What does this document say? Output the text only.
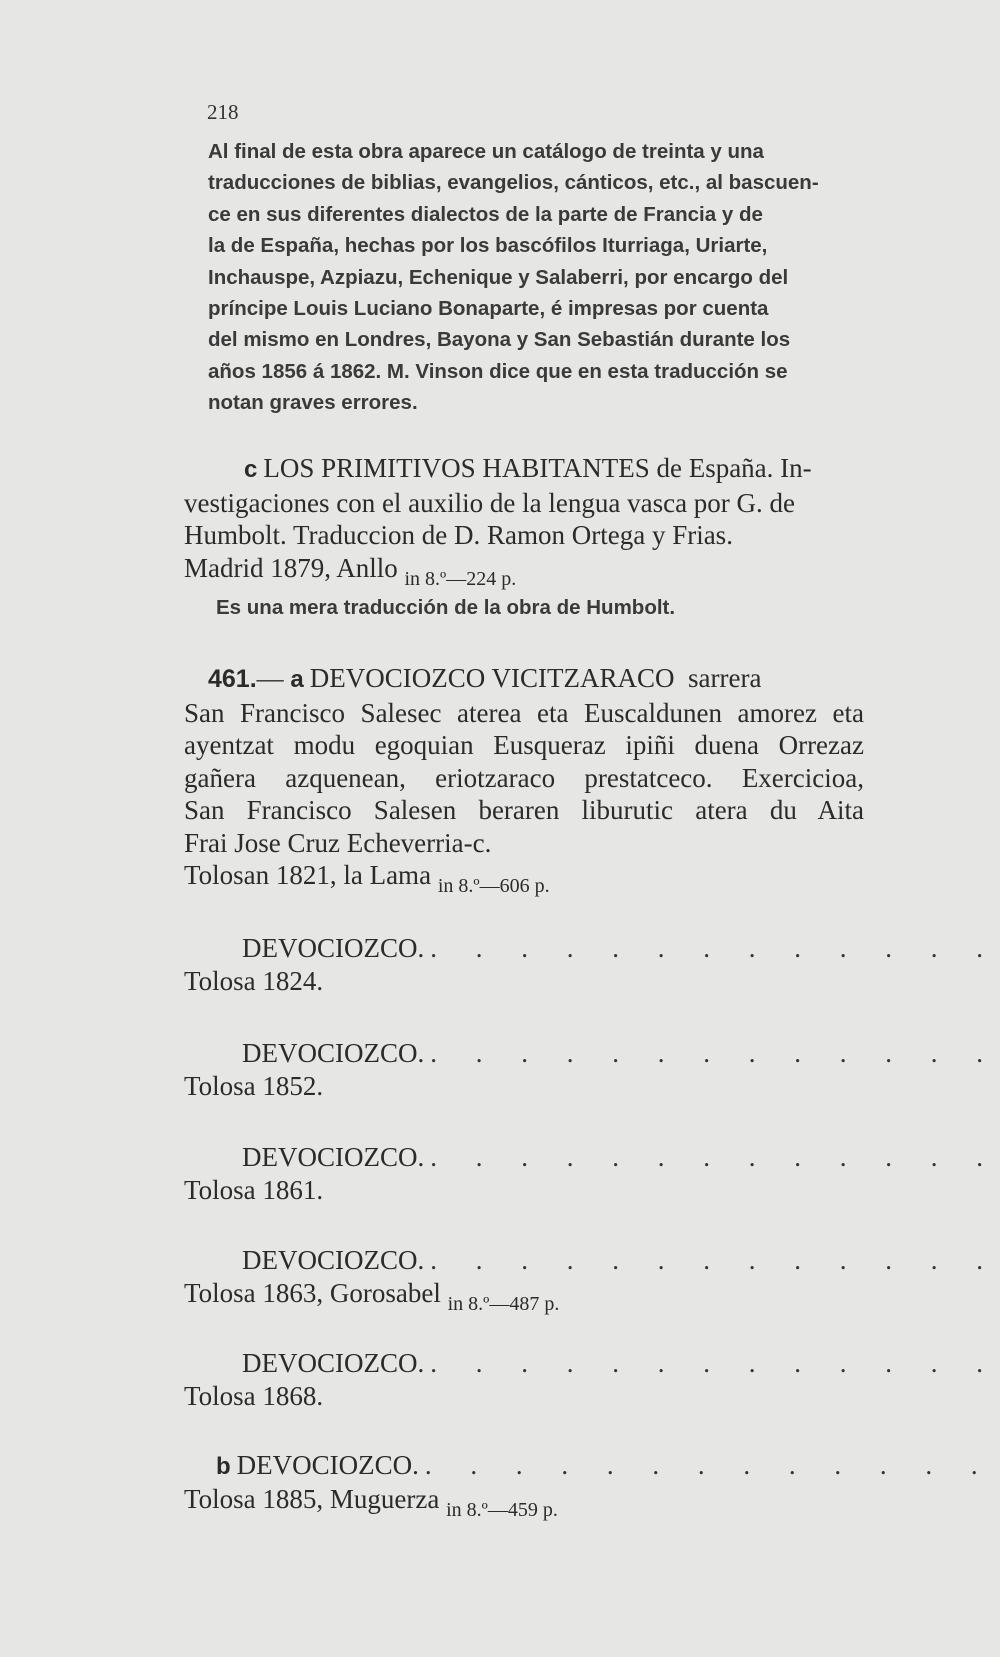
218

Al final de esta obra aparece un catálogo de treinta y una
traducciones de biblias, evangelios, cánticos, etc., al bascuen-
ce en sus diferentes dialectos de la parte de Francia y de
la de España, hechas por los bascófilos Iturriaga, Uriarte,
Inchauspe, Azpiazu, Echenique y Salaberri, por encargo del
príncipe Louis Luciano Bonaparte, é impresas por cuenta
del mismo en Londres, Bayona y San Sebastián durante los
años 1856 á 1862. M. Vinson dice que en esta traducción se
notan graves errores.

c LOS PRIMITIVOS HABITANTES de España. In-
vestigaciones con el auxilio de la lengua vasca por G. de
Humbolt. Traduccion de D. Ramon Ortega y Frias.
Madrid 1879, Anllo $_{in 8.º—224 p.}$
Es una mera traducción de la obra de Humbolt.
461.— a DEVOCIOZCO VICITZARACO sarrera
San Francisco Salesec aterea eta Euscaldunen amorez eta
ayentzat modu egoquian Eusqueraz ipiñi duena Orrezaz
gañera azquenean, eriotzaraco prestatceco. Exercicioa,
San Francisco Salesen beraren liburutic atera du Aita
Frai Jose Cruz Echeverria-c.
Tolosan 1821, la Lama $_{in 8.º—606 p.}$
DEVOCIOZCO. . . . . . . . . . . . . .
Tolosa 1824.
DEVOCIOZCO. . . . . . . . . . . . . .
Tolosa 1852.
DEVOCIOZCO. . . . . . . . . . . . . .
Tolosa 1861.
DEVOCIOZCO. . . . . . . . . . . . . .
Tolosa 1863, Gorosabel $_{in 8.º—487 p.}$
DEVOCIOZCO. . . . . . . . . . . . . .
Tolosa 1868.
b DEVOCIOZCO. . . . . . . . . . . . . .
Tolosa 1885, Muguerza $_{in 8.º—459 p.}$
